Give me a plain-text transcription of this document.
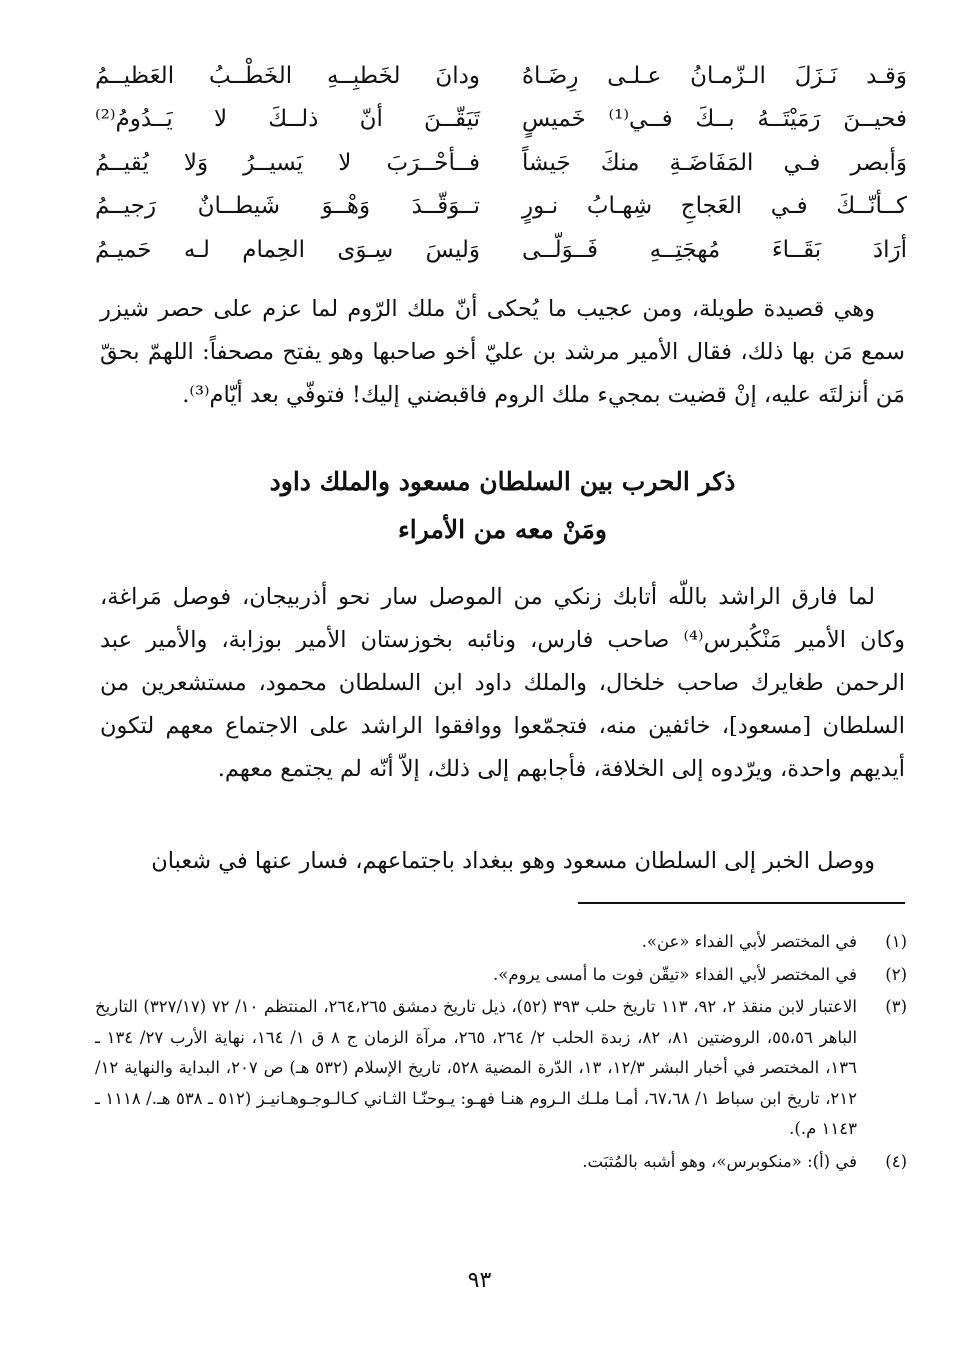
وَقـد نَـزَلَ الـزّمـانُ عـلـى رِضَـاهُ
ودانَ لخَطبِــهِ الخَطْــبُ العَظيــمُ
فحيــنَ رَمَيْتَــهُ بــكَ فــي⁽¹⁾ خَميسٍ
تَيَقّــنَ أنّ ذلــكَ لا يَــدُومُ⁽²⁾
وَأبصر فـي المَفَاضَـةِ منكَ جَيشاً
فــأحْــرَبَ لا يَسيــرُ وَلا يُقيــمُ
كــأنّــكَ فـي العَجاجِ شِهـابُ نـورٍ
تــوَقّــدَ وَهْــوَ شَيطــانٌ رَجيــمُ
أرَادَ بَقَــاءَ مُهجَتِــهِ فَــوَلّــى
وَليسَ سِـوَى الحِمام لـه حَميـمُ
وهي قصيدة طويلة، ومن عجيب ما يُحكى أنّ ملك الرّوم لما عزم على حصر شيزر سمع مَن بها ذلك، فقال الأمير مرشد بن عليّ أخو صاحبها وهو يفتح مصحفاً: اللهمّ بحقّ مَن أنزلتَه عليه، إنْ قضيت بمجيء ملك الروم فاقبضني إليك! فتوفّي بعد أيّام⁽³⁾.
ذكر الحرب بين السلطان مسعود والملك داود
ومَنْ معه من الأمراء
لما فارق الراشد باللّه أتابك زنكي من الموصل سار نحو أذربيجان، فوصل مَراغة، وكان الأمير مَنْكُبرس⁽⁴⁾ صاحب فارس، ونائبه بخوزستان الأمير بوزابة، والأمير عبد الرحمن طغايرك صاحب خلخال، والملك داود ابن السلطان محمود، مستشعرين من السلطان [مسعود]، خائفين منه، فتجمّعوا ووافقوا الراشد على الاجتماع معهم لتكون أيديهم واحدة، ويرّدوه إلى الخلافة، فأجابهم إلى ذلك، إلاّ أنّه لم يجتمع معهم.
ووصل الخبر إلى السلطان مسعود وهو ببغداد باجتماعهم، فسار عنها في شعبان
(١)
في المختصر لأبي الفداء «عن».
(٢)
في المختصر لأبي الفداء «تيقّن فوت ما أمسى يروم».
(٣)
الاعتبار لابن منقذ ٢، ٩٢، ١١٣ تاريخ حلب ٣٩٣ (٥٢)، ذيل تاريخ دمشق ٢٦٤،٢٦٥، المنتظم ١٠/ ٧٢ (٣٢٧/١٧) التاريخ الباهر ٥٥،٥٦، الروضتين ٨١، ٨٢، زبدة الحلب ٢/ ٢٦٤، ٢٦٥، مرآة الزمان ج ٨ ق ١/ ١٦٤، نهاية الأرب ٢٧/ ١٣٤ ـ ١٣٦، المختصر في أخبار البشر ١٢/٣، ١٣، الدّرة المضية ٥٢٨، تاريخ الإسلام (٥٣٢ هـ) ص ٢٠٧، البداية والنهاية ١٢/ ٢١٢، تاريخ ابن سباط ١/ ٦٧،٦٨، أمـا ملـك الـروم هنـا فهـو: يـوحنّـا الثـاني كـالـوجـوهـانيـز (٥١٢ ـ ٥٣٨ هـ./ ١١١٨ ـ ١١٤٣ م.).
(٤)
في (أ): «منكوبرس»، وهو أشبه بالمُثبَت.
٩٣
